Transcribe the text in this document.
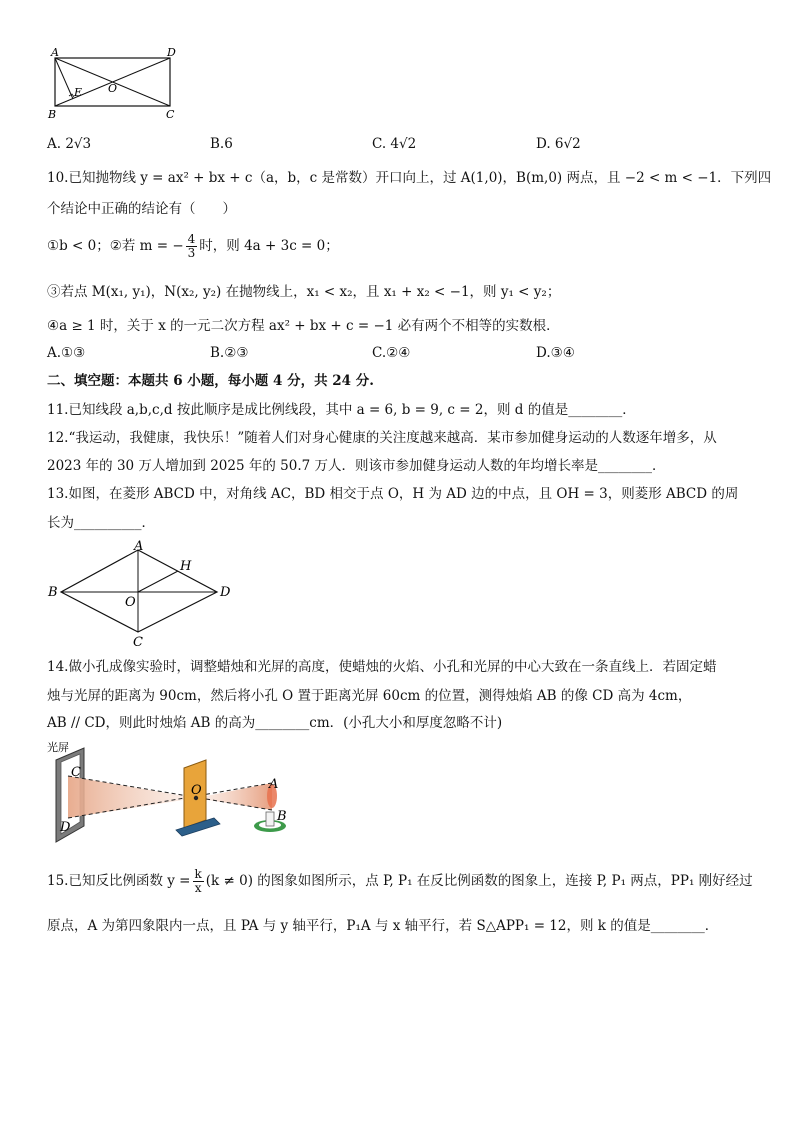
A	D
B	C
O
E
A. 2√3	B.6	C. 4√2	D. 6√2
10.已知抛物线 y = ax² + bx + c（a，b，c 是常数）开口向上，过 A(1,0)，B(m,0) 两点，且 −2 < m < −1．下列四
个结论中正确的结论有（　　）
①b < 0；②若 m = − $\frac{4}{3}$ 时，则 4a + 3c = 0；
③若点 M(x₁, y₁)，N(x₂, y₂) 在抛物线上，x₁ < x₂，且 x₁ + x₂ < −1，则 y₁ < y₂；
④a ≥ 1 时，关于 x 的一元二次方程 ax² + bx + c = −1 必有两个不相等的实数根．
A.①③	B.②③	C.②④	D.③④
二、填空题：本题共 6 小题，每小题 4 分，共 24 分.
11.已知线段 a,b,c,d 按此顺序是成比例线段，其中 a = 6, b = 9, c = 2，则 d 的值是________．
12.“我运动，我健康，我快乐！”随着人们对身心健康的关注度越来越高．某市参加健身运动的人数逐年增多，从
2023 年的 30 万人增加到 2025 年的 50.7 万人．则该市参加健身运动人数的年均增长率是________．
13.如图，在菱形 ABCD 中，对角线 AC，BD 相交于点 O，H 为 AD 边的中点，且 OH = 3，则菱形 ABCD 的周
长为__________．
A
B
C
D
O
H
14.做小孔成像实验时，调整蜡烛和光屏的高度，使蜡烛的火焰、小孔和光屏的中心大致在一条直线上．若固定蜡
烛与光屏的距离为 90cm，然后将小孔 O 置于距离光屏 60cm 的位置，测得烛焰 AB 的像 CD 高为 4cm，
AB // CD，则此时烛焰 AB 的高为________cm．(小孔大小和厚度忽略不计)
光屏
C
D
O	A
B
15.已知反比例函数 $y = \frac{k}{x} (k \ne 0)$ 的图象如图所示，点 P, P₁ 在反比例函数的图象上，连接 P, P₁ 两点，PP₁ 刚好经过
原点，A 为第四象限内一点，且 PA 与 y 轴平行，P₁A 与 x 轴平行，若 S△APP₁ = 12，则 k 的值是________．
